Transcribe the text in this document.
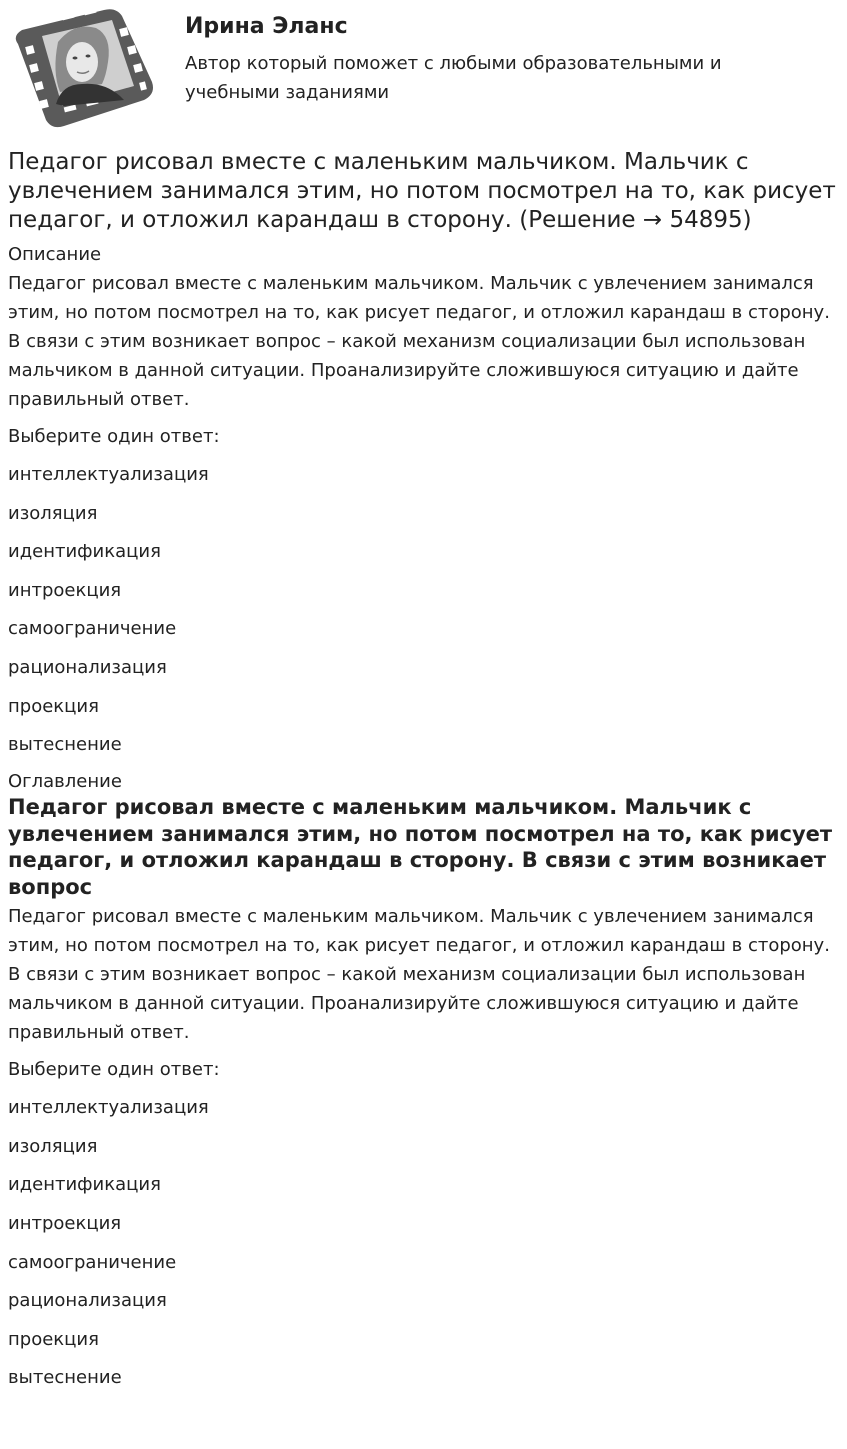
Ирина Эланс
Автор который поможет с любыми образовательными и учебными заданиями
Педагог рисовал вместе с маленьким мальчиком. Мальчик с увлечением занимался этим, но потом посмотрел на то, как рисует педагог, и отложил карандаш в сторону. (Решение → 54895)
Описание

Педагог рисовал вместе с маленьким мальчиком. Мальчик с увлечением занимался этим, но потом посмотрел на то, как рисует педагог, и отложил карандаш в сторону. В связи с этим возникает вопрос – какой механизм социализации был использован мальчиком в данной ситуации. Проанализируйте сложившуюся ситуацию и дайте правильный ответ.

Выберите один ответ:
интеллектуализация
изоляция
идентификация
интроекция
самоограничение
рационализация
проекция
вытеснение
Оглавление
Педагог рисовал вместе с маленьким мальчиком. Мальчик с увлечением занимался этим, но потом посмотрел на то, как рисует педагог, и отложил карандаш в сторону. В связи с этим возникает вопрос

Педагог рисовал вместе с маленьким мальчиком. Мальчик с увлечением занимался этим, но потом посмотрел на то, как рисует педагог, и отложил карандаш в сторону. В связи с этим возникает вопрос – какой механизм социализации был использован мальчиком в данной ситуации. Проанализируйте сложившуюся ситуацию и дайте правильный ответ.

Выберите один ответ:
интеллектуализация
изоляция
идентификация
интроекция
самоограничение
рационализация
проекция
вытеснение
